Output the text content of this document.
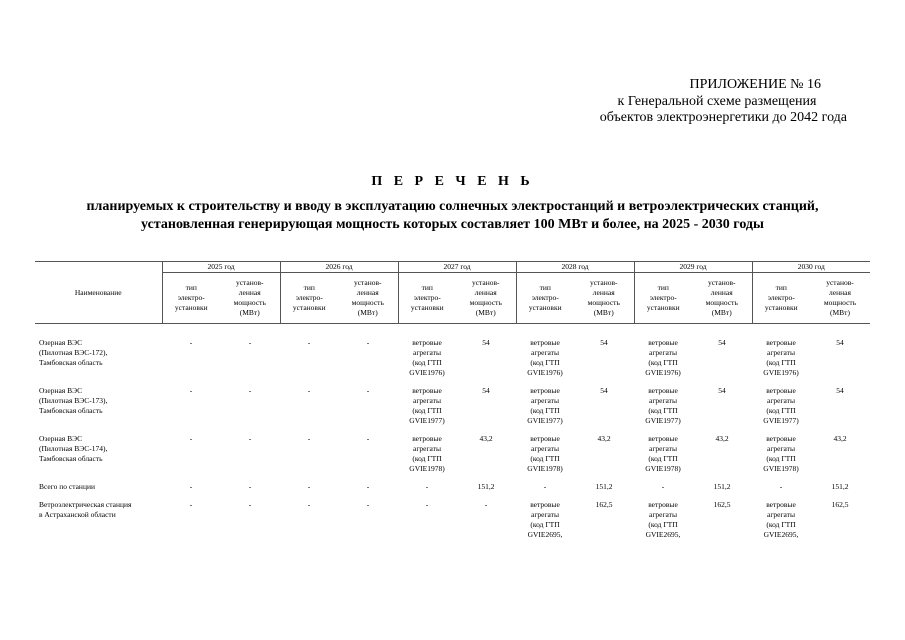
ПРИЛОЖЕНИЕ № 16
к Генеральной схеме размещения
объектов электроэнергетики до 2042 года
П Е Р Е Ч Е Н Ь
планируемых к строительству и вводу в эксплуатацию солнечных электростанций и ветроэлектрических станций,
установленная генерирующая мощность которых составляет 100 МВт и более, на 2025 - 2030 годы
Наименование	2025 год		2026 год		2027 год		2028 год		2029 год		2030 год	

	тип
электро-
установки	установ-
ленная
мощность
(МВт)	тип
электро-
установки	установ-
ленная
мощность
(МВт)	тип
электро-
установки	установ-
ленная
мощность
(МВт)	тип
электро-
установки	установ-
ленная
мощность
(МВт)	тип
электро-
установки	установ-
ленная
мощность
(МВт)	тип
электро-
установки	установ-
ленная
мощность
(МВт)

Озерная ВЭС
(Пилотная ВЭС-172),
Тамбовская область	-	-	-	-	ветровые
агрегаты
(код ГТП
GVIE1976)	54	ветровые
агрегаты
(код ГТП
GVIE1976)	54	ветровые
агрегаты
(код ГТП
GVIE1976)	54	ветровые
агрегаты
(код ГТП
GVIE1976)	54

Озерная ВЭС
(Пилотная ВЭС-173),
Тамбовская область	-	-	-	-	ветровые
агрегаты
(код ГТП
GVIE1977)	54	ветровые
агрегаты
(код ГТП
GVIE1977)	54	ветровые
агрегаты
(код ГТП
GVIE1977)	54	ветровые
агрегаты
(код ГТП
GVIE1977)	54

Озерная ВЭС
(Пилотная ВЭС-174),
Тамбовская область	-	-	-	-	ветровые
агрегаты
(код ГТП
GVIE1978)	43,2	ветровые
агрегаты
(код ГТП
GVIE1978)	43,2	ветровые
агрегаты
(код ГТП
GVIE1978)	43,2	ветровые
агрегаты
(код ГТП
GVIE1978)	43,2

Всего по станции	-	-	-	-	-	151,2	-	151,2	-	151,2	-	151,2

Ветроэлектрическая станция
в Астраханской области	-	-	-	-	-	-	ветровые
агрегаты
(код ГТП
GVIE2695,	162,5	ветровые
агрегаты
(код ГТП
GVIE2695,	162,5	ветровые
агрегаты
(код ГТП
GVIE2695,	162,5
